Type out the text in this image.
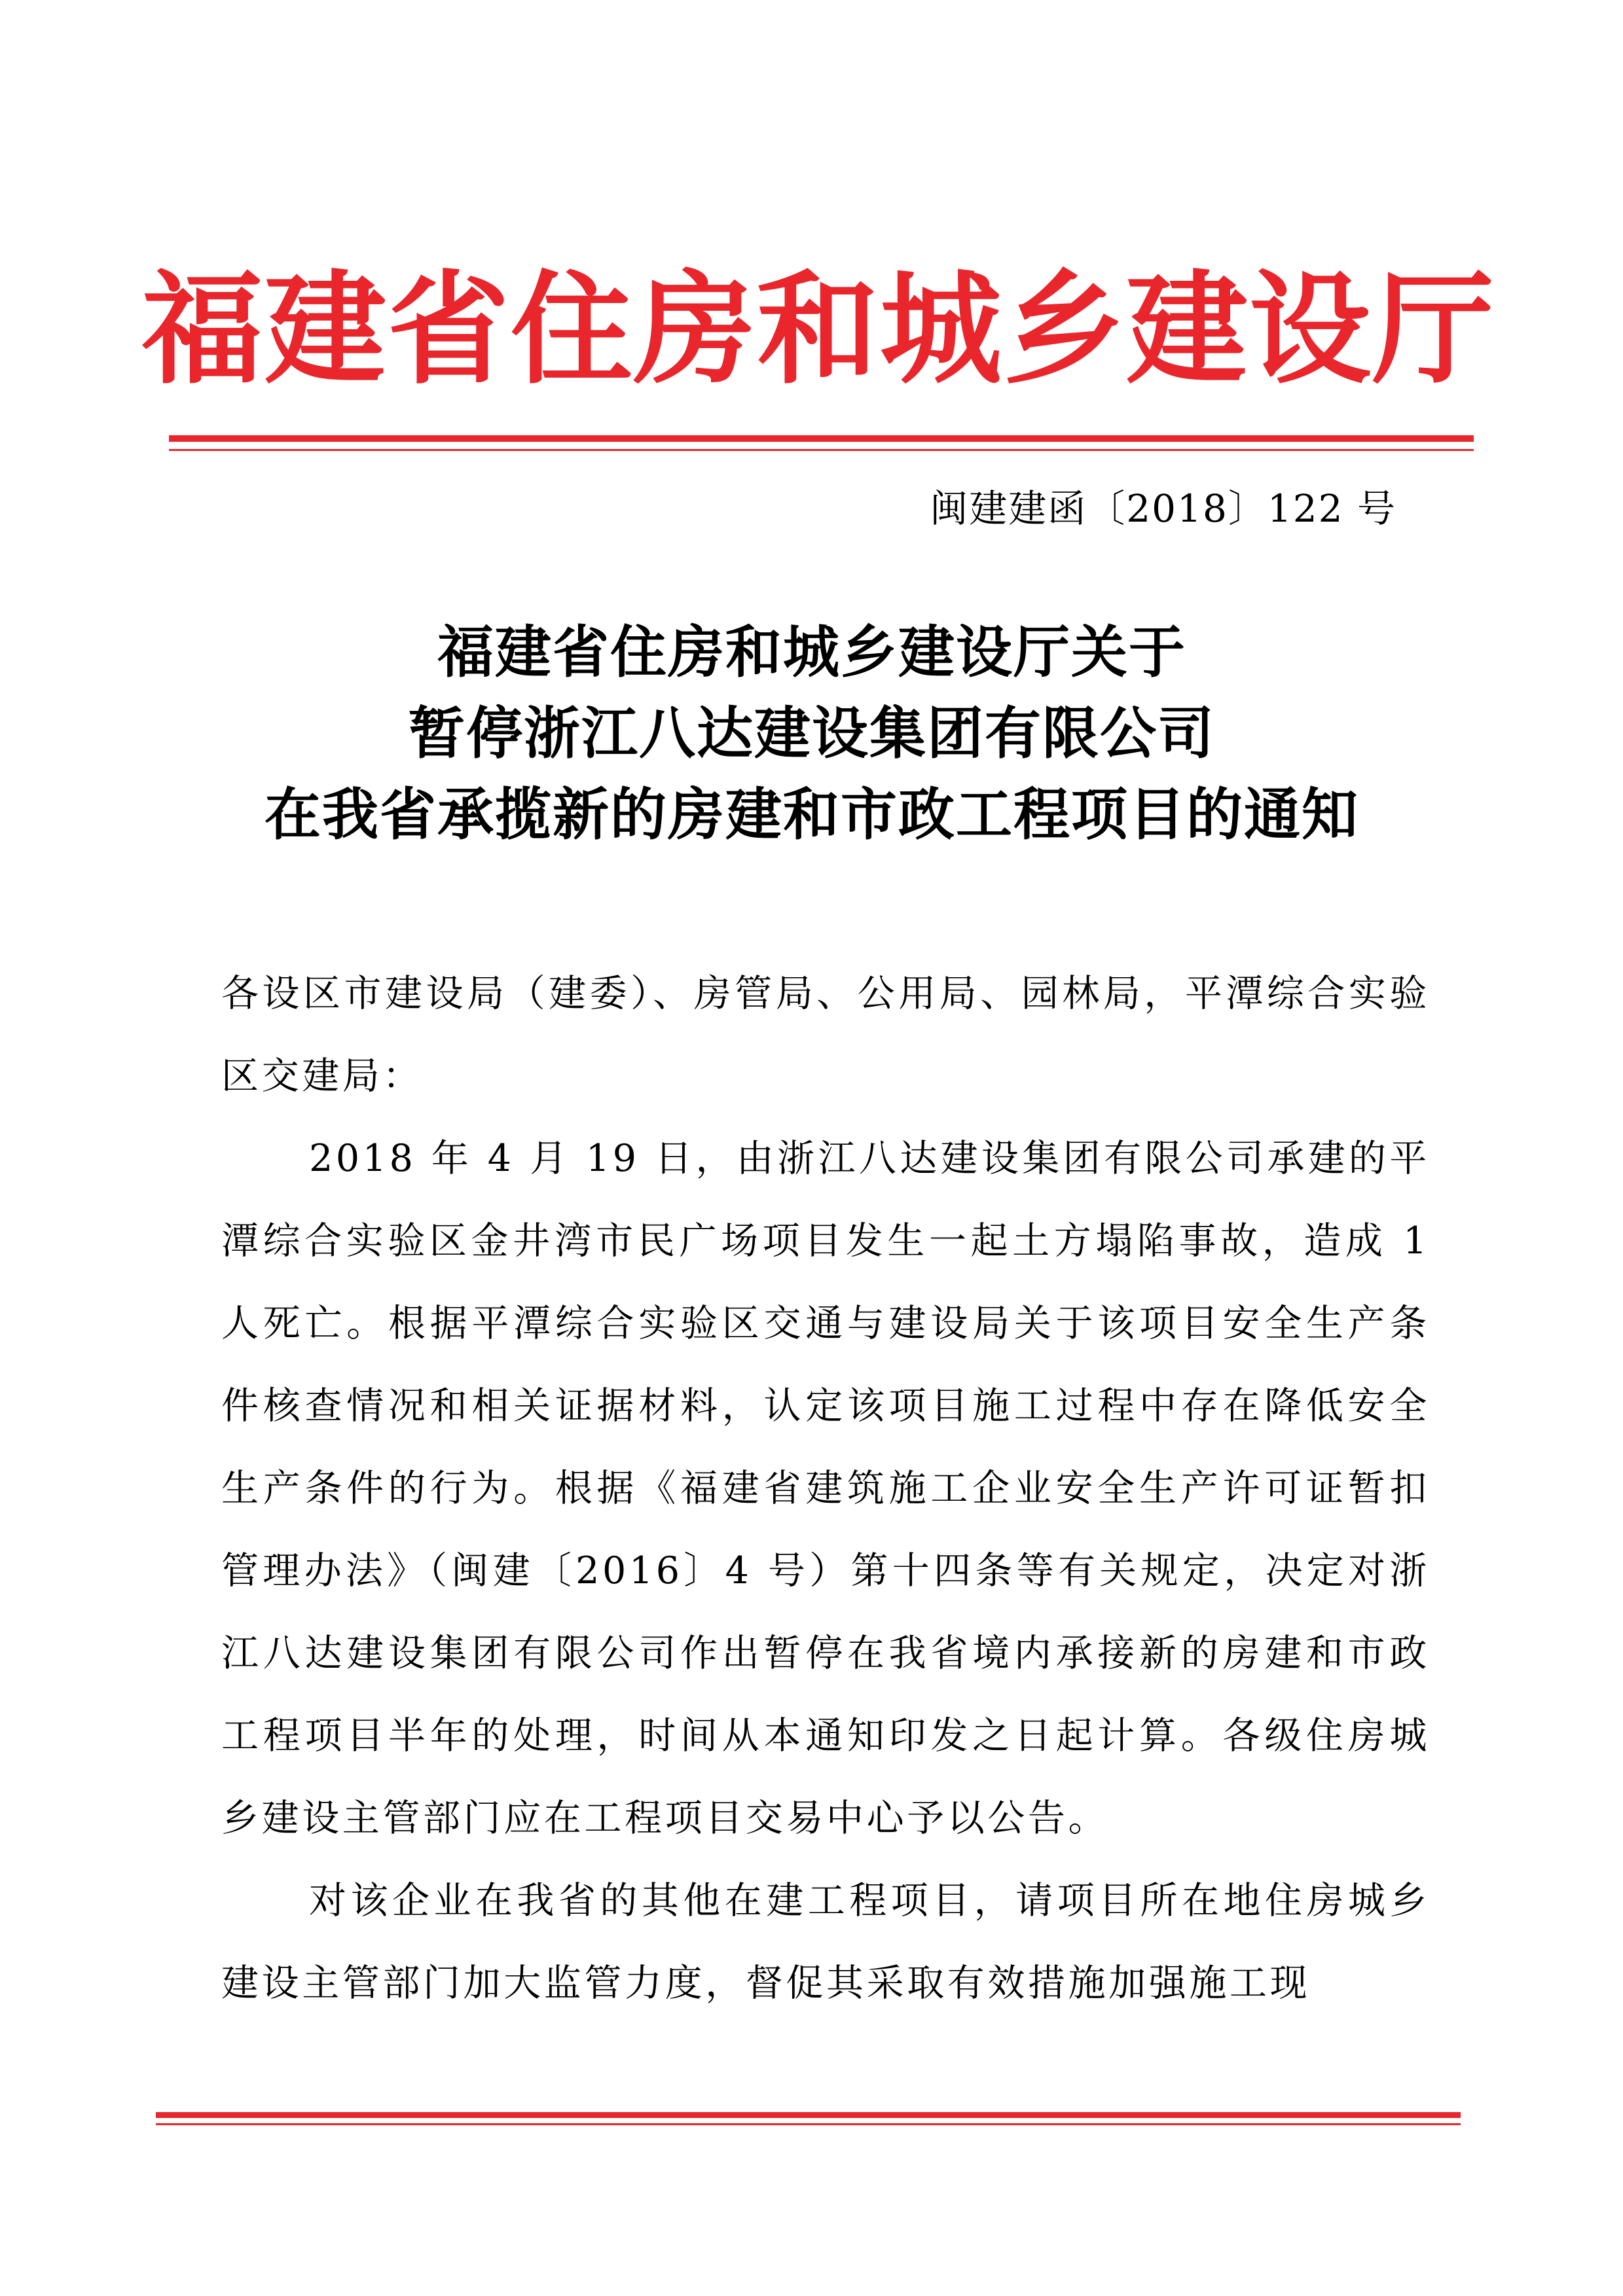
福建省住房和城乡建设厅
闽建建函〔2018〕122 号
福建省住房和城乡建设厅关于
暂停浙江八达建设集团有限公司
在我省承揽新的房建和市政工程项目的通知

各设区市建设局（建委）、房管局、公用局、园林局，平潭综合实验区交建局：

2018 年 4 月 19 日，由浙江八达建设集团有限公司承建的平潭综合实验区金井湾市民广场项目发生一起土方塌陷事故，造成 1 人死亡。根据平潭综合实验区交通与建设局关于该项目安全生产条件核查情况和相关证据材料，认定该项目施工过程中存在降低安全生产条件的行为。根据《福建省建筑施工企业安全生产许可证暂扣管理办法》（闽建〔2016〕4 号）第十四条等有关规定，决定对浙江八达建设集团有限公司作出暂停在我省境内承接新的房建和市政工程项目半年的处理，时间从本通知印发之日起计算。各级住房城乡建设主管部门应在工程项目交易中心予以公告。

对该企业在我省的其他在建工程项目，请项目所在地住房城乡建设主管部门加大监管力度，督促其采取有效措施加强施工现
